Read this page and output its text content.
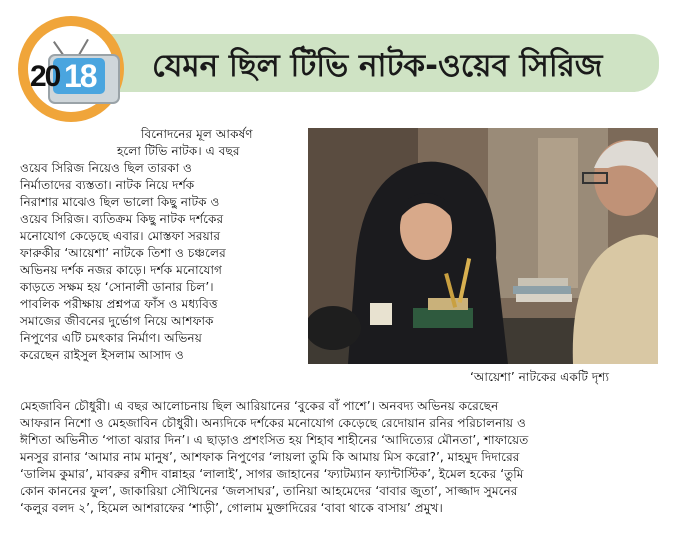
যেমন ছিল টিভি নাটক-ওয়েব সিরিজ
20 18
বিনোদনের মূল আকর্ষণ
হলো টিভি নাটক। এ বছর
ওয়েব সিরিজ নিয়েও ছিল তারকা ও
নির্মাতাদের ব্যস্ততা। নাটক নিয়ে দর্শক
নিরাশার মাঝেও ছিল ভালো কিছু নাটক ও
ওয়েব সিরিজ। ব্যতিক্রম কিছু নাটক দর্শকের
মনোযোগ কেড়েছে এবার। মোস্তফা সরয়ার
ফারুকীর ‘আয়েশা’ নাটকে তিশা ও চঞ্চলের
অভিনয় দর্শক নজর কাড়ে। দর্শক মনোযোগ
কাড়তে সক্ষম হয় ‘সোনালী ডানার চিল’।
পাবলিক পরীক্ষায় প্রশ্নপত্র ফাঁস ও মধ্যবিত্ত
সমাজের জীবনের দুর্ভোগ নিয়ে আশফাক
নিপুণের এটি চমৎকার নির্মাণ। অভিনয়
করেছেন রাইসুল ইসলাম আসাদ ও
মেহজাবিন চৌধুরী। এ বছর আলোচনায় ছিল আরিয়ানের ‘বুকের বাঁ পাশে’। অনবদ্য অভিনয় করেছেন
আফরান নিশো ও মেহজাবিন চৌধুরী। অন্যদিকে দর্শকের মনোযোগ কেড়েছে রেদোয়ান রনির পরিচালনায় ও
ঈশিতা অভিনীত ‘পাতা ঝরার দিন’। এ ছাড়াও প্রশংসিত হয় শিহাব শাহীনের ‘আদিত্যের মৌনতা’, শাফায়েত
মনসুর রানার ‘আমার নাম মানুষ’, আশফাক নিপুণের ‘লায়লা তুমি কি আমায় মিস করো?’, মাহমুদ দিদারের
‘ডালিম কুমার’, মাবরুর রশীদ বান্নাহর ‘লালাই’, সাগর জাহানের ‘ফ্যাটম্যান ফ্যান্টাস্টিক’, ইমেল হকের ‘তুমি
কোন কাননের ফুল’, জাকারিয়া সৌখিনের ‘জলসাঘর’, তানিয়া আহমেদের ‘বাবার জুতা’, সাজ্জাদ সুমনের
‘কলুর বলদ ২’, হিমেল আশরাফের ‘শাড়ী’, গোলাম মুক্তাদিরের ‘বাবা থাকে বাসায়’ প্রমুখ।
‘আয়েশা’ নাটকের একটি দৃশ্য
